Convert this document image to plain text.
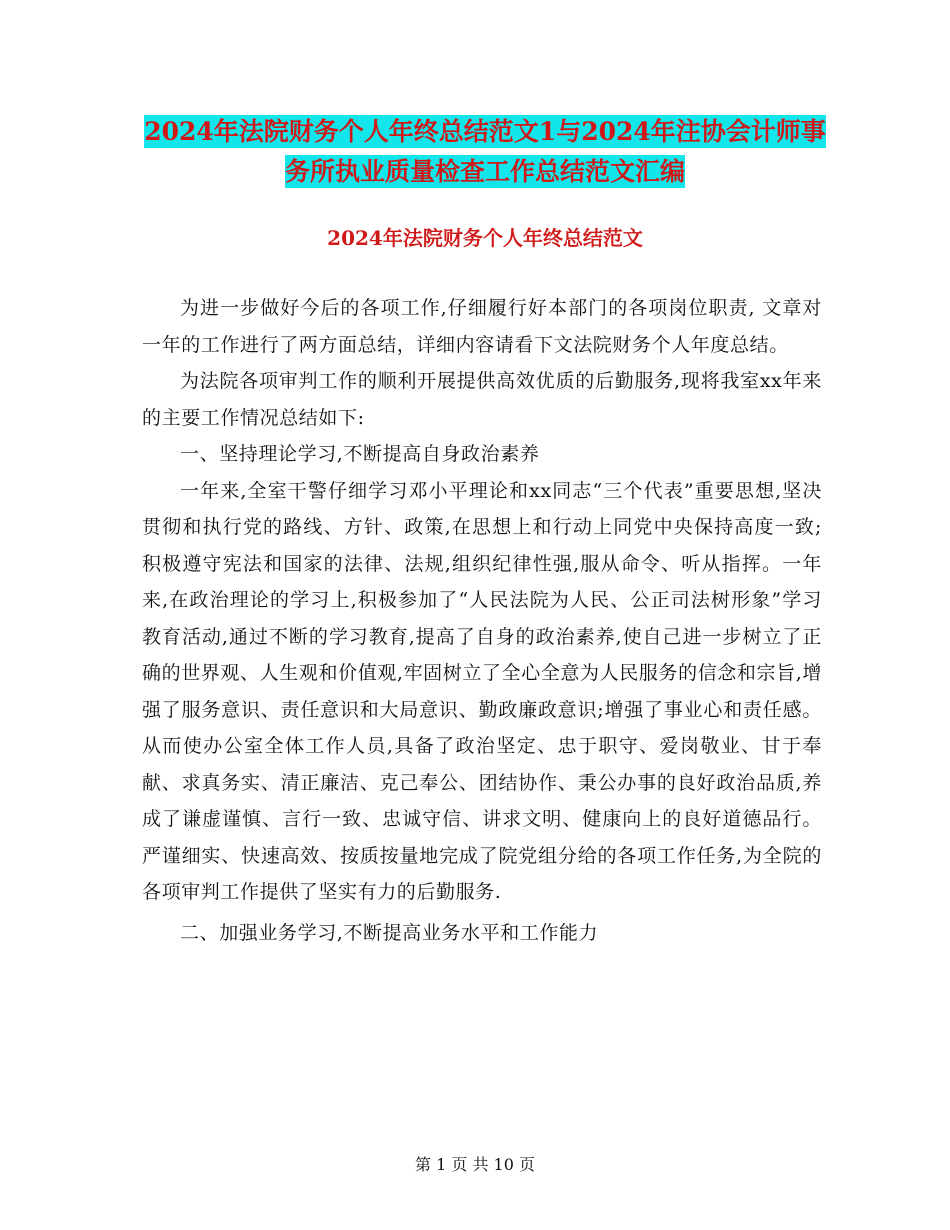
2024年法院财务个人年终总结范文1与2024年注协会计师事务所执业质量检查工作总结范文汇编
2024年法院财务个人年终总结范文

为进一步做好今后的各项工作,仔细履行好本部门的各项岗位职责, 文章对一年的工作进行了两方面总结，详细内容请看下文法院财务个人年度总结。

为法院各项审判工作的顺利开展提供高效优质的后勤服务,现将我室xx年来的主要工作情况总结如下:

一、坚持理论学习,不断提高自身政治素养

一年来,全室干警仔细学习邓小平理论和xx同志“三个代表”重要思想,坚决贯彻和执行党的路线、方针、政策,在思想上和行动上同党中央保持高度一致;积极遵守宪法和国家的法律、法规,组织纪律性强,服从命令、听从指挥。一年来,在政治理论的学习上,积极参加了“人民法院为人民、公正司法树形象”学习教育活动,通过不断的学习教育,提高了自身的政治素养,使自己进一步树立了正确的世界观、人生观和价值观,牢固树立了全心全意为人民服务的信念和宗旨,增强了服务意识、责任意识和大局意识、勤政廉政意识;增强了事业心和责任感。从而使办公室全体工作人员,具备了政治坚定、忠于职守、爱岗敬业、甘于奉献、求真务实、清正廉洁、克己奉公、团结协作、秉公办事的良好政治品质,养成了谦虚谨慎、言行一致、忠诚守信、讲求文明、健康向上的良好道德品行。严谨细实、快速高效、按质按量地完成了院党组分给的各项工作任务,为全院的各项审判工作提供了坚实有力的后勤服务.

二、加强业务学习,不断提高业务水平和工作能力

第 1 页 共 10 页
